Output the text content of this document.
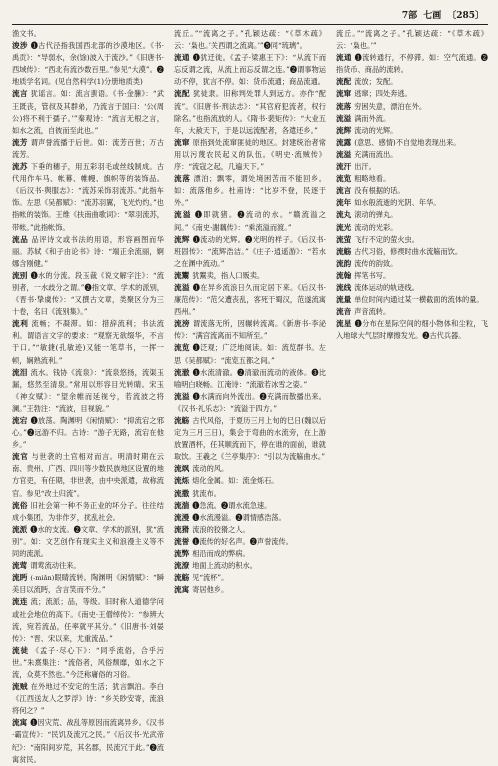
7部 七画 〔285〕

渔文书。

浚涉 ❶古代泾指我国西北部的沙漠地区。《书·禹贡》：“导弱水，余(馀)波入于流沙。”《旧唐书·西域传》：“西北有流沙数百里。”参见“大漠”。❷地质学名词。(见自然科学(1)分册地质类)

流言 犹谣言。如：流言蜚语。《书·金縢》：“武王既丧，管叔及其群弟，乃流言于国曰：‘公(周公)将不利于孺子。’”秦观诗：“流言无根之言，如水之流，自彼而至此也。”

流芳 谓声誉流播于后世。如：流芳百世；万古流芳。

流苏 下垂的穗子，用五彩羽毛或丝线制成。古代用作车马、帐幕、帷幔、旗帜等的装饰品。《后汉书·舆服志》：“流苏采饰羽流苏。”此指车饰。左思《吴都赋》：“流苏羽翼，飞光灼灼。”也指帐的装饰。王维《扶南曲歌词》：“翠羽流苏，带帐。”此指帐饰。

流品 品评诗文或书法的用语，形容画图而华丽。苏轼《和子由论书》诗：“端正余流丽，婀娜含刚健。”

流别 ❶水的分流。段玉裁《说文解字注》：“流别者，一水歧分之谓。”❷指文章、学术的派别，《晋书·挚虞传》：“又撰古文章，类聚区分为三十卷，名曰《流别集》。”

流利 流畅；不凝滞。如：措辞流利；书法流利。谓语言文字的要求：“观察无欲缀华，不言于口。”“敏捷(孔敏迹)又能一笔草书，一挥一顿，娴熟流利。”

流泪 流水。钱协《流泉》：“流泉悠扬，流渠玉漏，悠然至清泉。”常用以形容目光转睛。宋玉《神女赋》：“望余帷而延视兮，若流波之将澜。”王勃注：“流波，目视貌。”

流宕 ❶放荡。陶渊明《闲情赋》：“抑流宕之邪心。”❷远游不归。古诗：“游子无路，流宕在他乡。”

流官 与世袭的土官相对而言。明清时期在云南、贵州、广西、四川等少数民族地区设置的地方官吏，有任期，非世袭，由中央派遣，故称流官。参见“改土归流”。

流俗 旧社会第一种不务正业的坏分子。往往结成小集团，为非作歹，扰乱社会。

流派 ❶水的支流。❷文章、学术的派别，犹“流别”。如：文艺创作有现实主义和浪漫主义等不同的流派。

流莺 谓莺流动往来。

流眄 (-miǎn)眼睛流转。陶渊明《闲情赋》：“瞬美目以流眄，含言笑而不分。”

流连 流；流派；品，等级。旧时称人道德学问或社会地位的高下。《南史·王僧绰传》：“参辨大流，宛若流品，任率就平其分。”《旧唐书·刘晏传》：“晋、宋以来，尤重流品。”

流徒 《孟子·尽心下》：“同乎流俗，合乎污世。”朱熹集注：“流俗者，风俗颓靡，如水之下流，众莫不然也。”今泛称庸俗的习俗。

流贼 在外地过不安定的生活；犹言飘泊。李白《江西送友人之罗浮》诗：“乡关眇安寄，流浪将何之？”

流寓 ❶因灾荒、战乱等原因而流离异乡。《汉书·霸宣传》：“民饥及流冗之民。”《后汉书·光武帝纪》：“南阳间岁荒，其名郡，民流冗于此。”❷流寓贫民。

流丘。”“流离之子。”孔颖达疏：“《草木疏》云：‘枭也。’关西谓之流离。’”❺同“琉璃”。

流通 ❶犹迁徙。《孟子·梁惠王下》：“从流下而忘反谓之流，从流上而忘反谓之连。”❷谓事物运动不停，犹言不停。如：货币流通；商品流通。

流配 犹徒隶。旧称判处罪人到远方。亦作“配流”。《旧唐书·刑法志》：“其官府犯流者，权行除名。”也指流放的人。《隋书·裴矩传》：“大业五年，大赦天下，于是以远流配者，各遣还乡。”

流窜 原指到处流窜匪徒的地区。封建统治者常用以污蔑农民起义的队伍。《明史·流贼传》序：“流寇之起，几遍天下。”

流落 漂泊；飘零，谓处境困苦而不能回乡。如：流落他乡。杜甫诗：“比岁不登，民逐于外。”

流溢 ❶即就猪。❷流动的水。“赣流溢之间。”《南史·謝藕传》：“乘流溢而渡。”

流辉 ❶流动的光辉。❷光明的样子。《后汉书·班固传》：“流辉浩洁。”《庄子·逍遥游》：“若水之在渊中流动。”

流鬻 犹鬻卖，指人口贩卖。

流溢 ❶在异乡流浪日久而定居下来。《后汉书·廉范传》：“范父遭丧乱，客死于蜀汉，范遂流寓西州。”

流滂 谓流落无所，因辗转流离。《新唐书·李泌传》：“满宫流离而不知所至。”

流览 ❶泛观；广泛地阅读。如：流览群书。左思《吴都赋》：“流览五都之间。”

流澈 ❶水流清澈。❷清澈而流动的液体。❸比喻明白晓畅。江淹诗：“流澈若冰雪之姿。”

流溢 ❶水满而向外流出。❷充满而散播出来。《汉书·礼乐志》：“流溢于四方。”

流觞 古代风俗，于夏历三月上旬的巳日(魏以后定为三月三日)，集会于弯曲的水流旁，在上游放置酒杯，任其顺流而下，停在谁的面前，谁就取饮。王羲之《兰亭集序》：“引以为流觞曲水。”

流飒 流动的风。

流烁 熔化金属。如：流金烁石。

流撒 犹流布。

流湍 ❶急流。❷谓水流急速。

流漫 ❶水流漫溢。❷谓情感浩荡。

流猾 流浪的狡猾之人。

流誉 ❶流传的好名声。❷声誉流传。

流弊 相沿而成的弊病。

流潦 地面上流动的积水。

流觞 见“流杯”。

流寓 寄居他乡。

流丘。”“流离之子。”孔颖达疏：“《草木疏》云：‘枭也。’”

流通 ❶流转通行，不停滞。如：空气流通。❷指货币、商品的流转。

流配 流放；发配。

流窜 逃窜；四处奔逃。

流落 穷困失意，漂泊在外。

流溢 满而外流。

流辉 流动的光辉。

流露 (意思、感情)不自觉地表现出来。

流溢 充满而流出。

流汗 出汗。

流览 粗略地看。

流言 没有根据的话。

流年 如水般流逝的光阴、年华。

流丸 滚动的弹丸。

流光 流动的光彩。

流萤 飞行不定的萤火虫。

流觞 古代习俗，修禊时曲水流觞而饮。

流韵 流传的韵致。

流翰 挥笔书写。

流线 流体运动的轨迹线。

流量 单位时间内通过某一横截面的流体的量。

流音 声音流转。

流星 ❶分布在星际空间的细小物体和尘粒，飞入地球大气层时摩擦发光。❷古代兵器。
